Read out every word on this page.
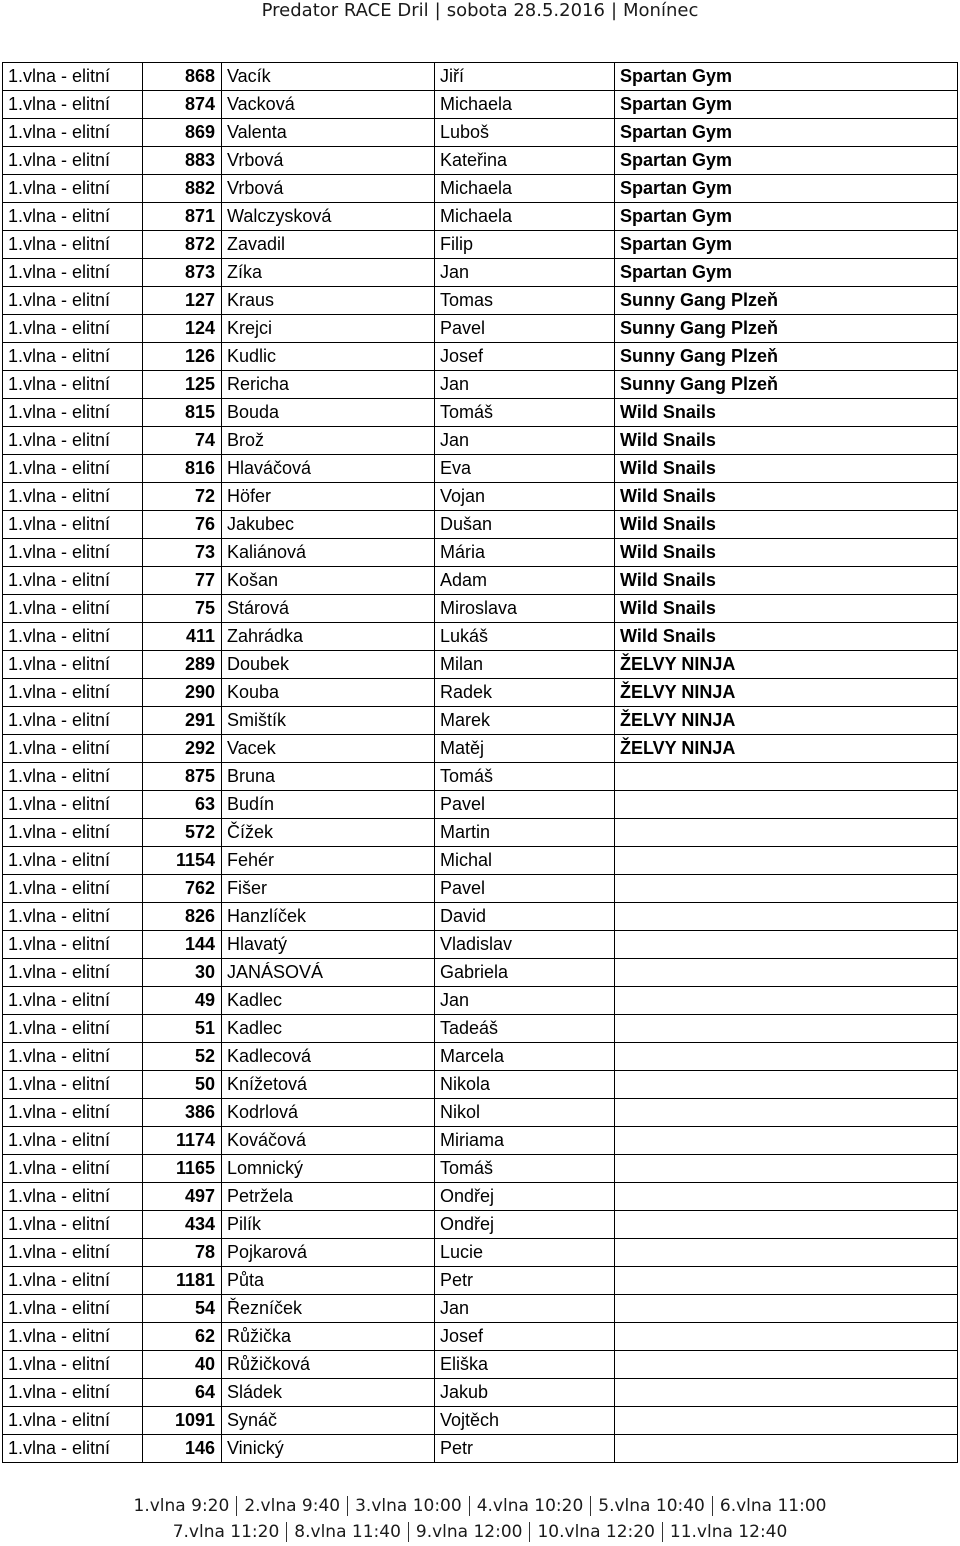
Predator RACE Dril | sobota 28.5.2016 | Monínec
1.vlna - elitní	868	Vacík	Jiří	Spartan Gym
1.vlna - elitní	874	Vacková	Michaela	Spartan Gym
1.vlna - elitní	869	Valenta	Luboš	Spartan Gym
1.vlna - elitní	883	Vrbová	Kateřina	Spartan Gym
1.vlna - elitní	882	Vrbová	Michaela	Spartan Gym
1.vlna - elitní	871	Walczysková	Michaela	Spartan Gym
1.vlna - elitní	872	Zavadil	Filip	Spartan Gym
1.vlna - elitní	873	Zíka	Jan	Spartan Gym
1.vlna - elitní	127	Kraus	Tomas	Sunny Gang Plzeň
1.vlna - elitní	124	Krejci	Pavel	Sunny Gang Plzeň
1.vlna - elitní	126	Kudlic	Josef	Sunny Gang Plzeň
1.vlna - elitní	125	Rericha	Jan	Sunny Gang Plzeň
1.vlna - elitní	815	Bouda	Tomáš	Wild Snails
1.vlna - elitní	74	Brož	Jan	Wild Snails
1.vlna - elitní	816	Hlaváčová	Eva	Wild Snails
1.vlna - elitní	72	Höfer	Vojan	Wild Snails
1.vlna - elitní	76	Jakubec	Dušan	Wild Snails
1.vlna - elitní	73	Kaliánová	Mária	Wild Snails
1.vlna - elitní	77	Košan	Adam	Wild Snails
1.vlna - elitní	75	Stárová	Miroslava	Wild Snails
1.vlna - elitní	411	Zahrádka	Lukáš	Wild Snails
1.vlna - elitní	289	Doubek	Milan	ŽELVY NINJA
1.vlna - elitní	290	Kouba	Radek	ŽELVY NINJA
1.vlna - elitní	291	Smištík	Marek	ŽELVY NINJA
1.vlna - elitní	292	Vacek	Matěj	ŽELVY NINJA
1.vlna - elitní	875	Bruna	Tomáš	
1.vlna - elitní	63	Budín	Pavel	
1.vlna - elitní	572	Čížek	Martin	
1.vlna - elitní	1154	Fehér	Michal	
1.vlna - elitní	762	Fišer	Pavel	
1.vlna - elitní	826	Hanzlíček	David	
1.vlna - elitní	144	Hlavatý	Vladislav	
1.vlna - elitní	30	JANÁSOVÁ	Gabriela	
1.vlna - elitní	49	Kadlec	Jan	
1.vlna - elitní	51	Kadlec	Tadeáš	
1.vlna - elitní	52	Kadlecová	Marcela	
1.vlna - elitní	50	Knížetová	Nikola	
1.vlna - elitní	386	Kodrlová	Nikol	
1.vlna - elitní	1174	Kováčová	Miriama	
1.vlna - elitní	1165	Lomnický	Tomáš	
1.vlna - elitní	497	Petržela	Ondřej	
1.vlna - elitní	434	Pilík	Ondřej	
1.vlna - elitní	78	Pojkarová	Lucie	
1.vlna - elitní	1181	Půta	Petr	
1.vlna - elitní	54	Řezníček	Jan	
1.vlna - elitní	62	Růžička	Josef	
1.vlna - elitní	40	Růžičková	Eliška	
1.vlna - elitní	64	Sládek	Jakub	
1.vlna - elitní	1091	Synáč	Vojtěch	
1.vlna - elitní	146	Vinický	Petr	
1.vlna 9:20 2.vlna 9:40 3.vlna 10:00 4.vlna 10:20 5.vlna 10:40 6.vlna 11:00
7.vlna 11:20 8.vlna 11:40 9.vlna 12:00 10.vlna 12:20 11.vlna 12:40
